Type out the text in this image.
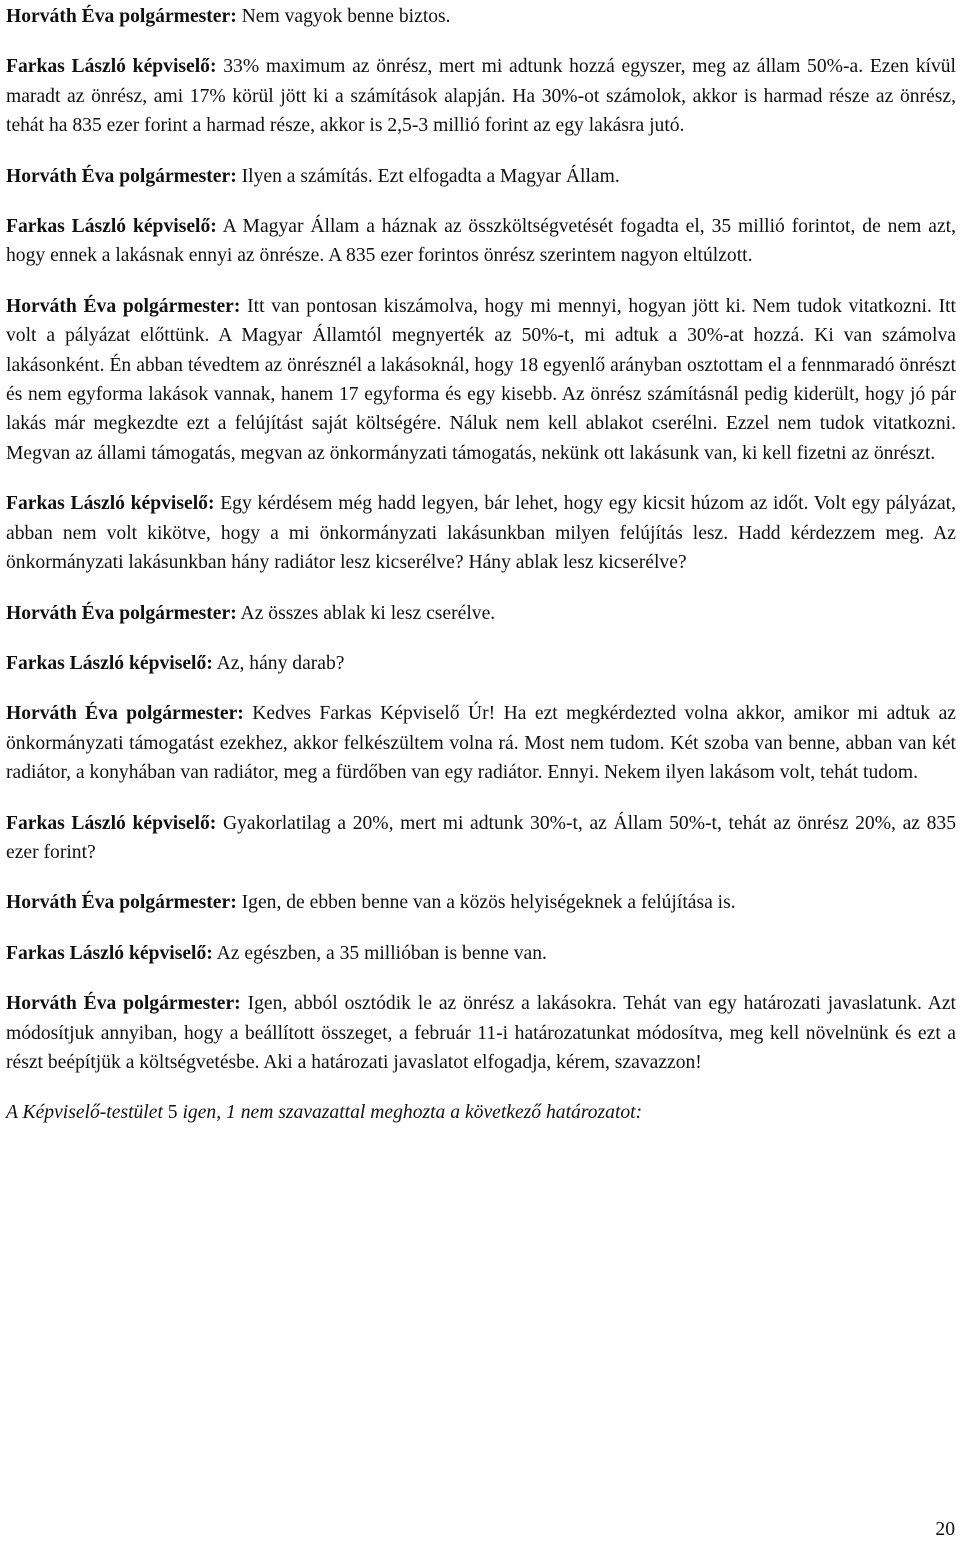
Horváth Éva polgármester: Nem vagyok benne biztos.

Farkas László képviselő: 33% maximum az önrész, mert mi adtunk hozzá egyszer, meg az állam 50%-a. Ezen kívül maradt az önrész, ami 17% körül jött ki a számítások alapján. Ha 30%-ot számolok, akkor is harmad része az önrész, tehát ha 835 ezer forint a harmad része, akkor is 2,5-3 millió forint az egy lakásra jutó.

Horváth Éva polgármester: Ilyen a számítás. Ezt elfogadta a Magyar Állam.

Farkas László képviselő: A Magyar Állam a háznak az összköltségvetését fogadta el, 35 millió forintot, de nem azt, hogy ennek a lakásnak ennyi az önrésze. A 835 ezer forintos önrész szerintem nagyon eltúlzott.

Horváth Éva polgármester: Itt van pontosan kiszámolva, hogy mi mennyi, hogyan jött ki. Nem tudok vitatkozni. Itt volt a pályázat előttünk. A Magyar Államtól megnyerték az 50%-t, mi adtuk a 30%-at hozzá. Ki van számolva lakásonként. Én abban tévedtem az önrésznél a lakásoknál, hogy 18 egyenlő arányban osztottam el a fennmaradó önrészt és nem egyforma lakások vannak, hanem 17 egyforma és egy kisebb. Az önrész számításnál pedig kiderült, hogy jó pár lakás már megkezdte ezt a felújítást saját költségére. Náluk nem kell ablakot cserélni. Ezzel nem tudok vitatkozni. Megvan az állami támogatás, megvan az önkormányzati támogatás, nekünk ott lakásunk van, ki kell fizetni az önrészt.

Farkas László képviselő: Egy kérdésem még hadd legyen, bár lehet, hogy egy kicsit húzom az időt. Volt egy pályázat, abban nem volt kikötve, hogy a mi önkormányzati lakásunkban milyen felújítás lesz. Hadd kérdezzem meg. Az önkormányzati lakásunkban hány radiátor lesz kicserélve? Hány ablak lesz kicserélve?

Horváth Éva polgármester: Az összes ablak ki lesz cserélve.

Farkas László képviselő: Az, hány darab?

Horváth Éva polgármester: Kedves Farkas Képviselő Úr! Ha ezt megkérdezted volna akkor, amikor mi adtuk az önkormányzati támogatást ezekhez, akkor felkészültem volna rá. Most nem tudom. Két szoba van benne, abban van két radiátor, a konyhában van radiátor, meg a fürdőben van egy radiátor. Ennyi. Nekem ilyen lakásom volt, tehát tudom.

Farkas László képviselő: Gyakorlatilag a 20%, mert mi adtunk 30%-t, az Állam 50%-t, tehát az önrész 20%, az 835 ezer forint?

Horváth Éva polgármester: Igen, de ebben benne van a közös helyiségeknek a felújítása is.

Farkas László képviselő: Az egészben, a 35 millióban is benne van.

Horváth Éva polgármester: Igen, abból osztódik le az önrész a lakásokra. Tehát van egy határozati javaslatunk. Azt módosítjuk annyiban, hogy a beállított összeget, a február 11-i határozatunkat módosítva, meg kell növelnünk és ezt a részt beépítjük a költségvetésbe. Aki a határozati javaslatot elfogadja, kérem, szavazzon!

A Képviselő-testület 5 igen, 1 nem szavazattal meghozta a következő határozatot:

20
